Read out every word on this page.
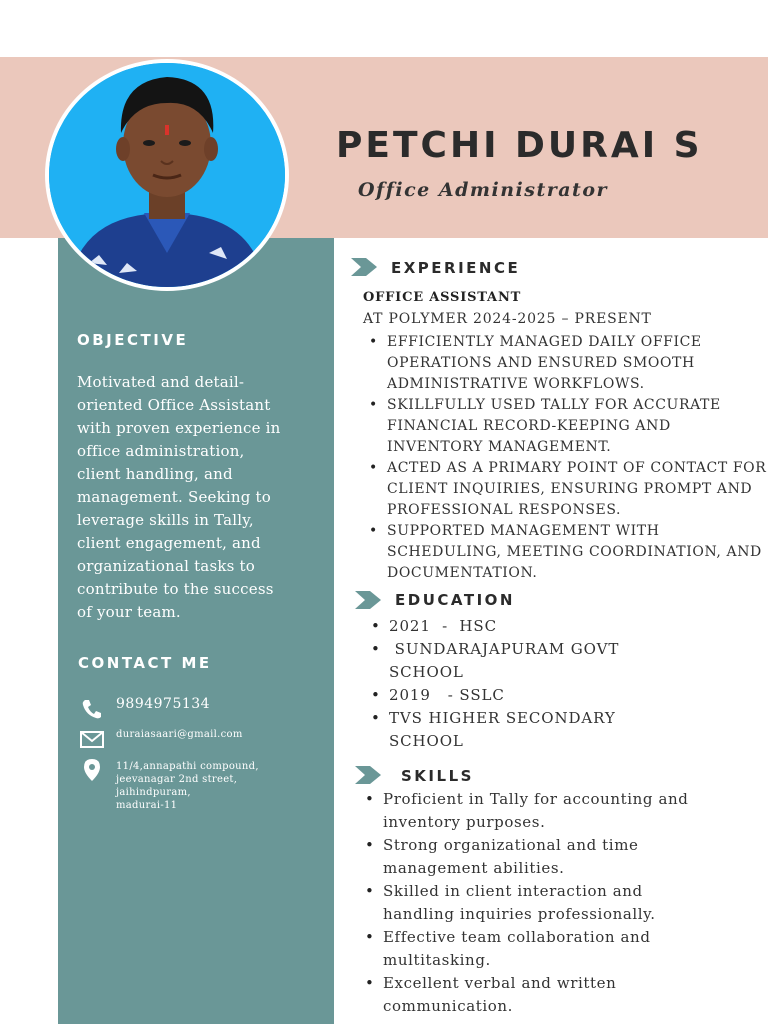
PETCHI DURAI S
Office Administrator
OBJECTIVE
Motivated and detail-oriented Office Assistant with proven experience in office administration, client handling, and management. Seeking to leverage skills in Tally, client engagement, and organizational tasks to contribute to the success of your team.
CONTACT ME
9894975134
duraiasaari@gmail.com
11/4,annapathi compound,
jeevanagar 2nd street,
jaihindpuram,
madurai-11
EXPERIENCE
OFFICE ASSISTANT
AT POLYMER 2024-2025 – PRESENT
• EFFICIENTLY MANAGED DAILY OFFICE OPERATIONS AND ENSURED SMOOTH ADMINISTRATIVE WORKFLOWS.
• SKILLFULLY USED TALLY FOR ACCURATE FINANCIAL RECORD-KEEPING AND INVENTORY MANAGEMENT.
• ACTED AS A PRIMARY POINT OF CONTACT FOR CLIENT INQUIRIES, ENSURING PROMPT AND PROFESSIONAL RESPONSES.
• SUPPORTED MANAGEMENT WITH SCHEDULING, MEETING COORDINATION, AND DOCUMENTATION.
EDUCATION
• 2021  -  HSC
•  SUNDARAJAPURAM GOVT SCHOOL
• 2019   - SSLC
• TVS HIGHER SECONDARY SCHOOL
SKILLS
• Proficient in Tally for accounting and inventory purposes.
• Strong organizational and time management abilities.
• Skilled in client interaction and handling inquiries professionally.
• Effective team collaboration and multitasking.
• Excellent verbal and written communication.
